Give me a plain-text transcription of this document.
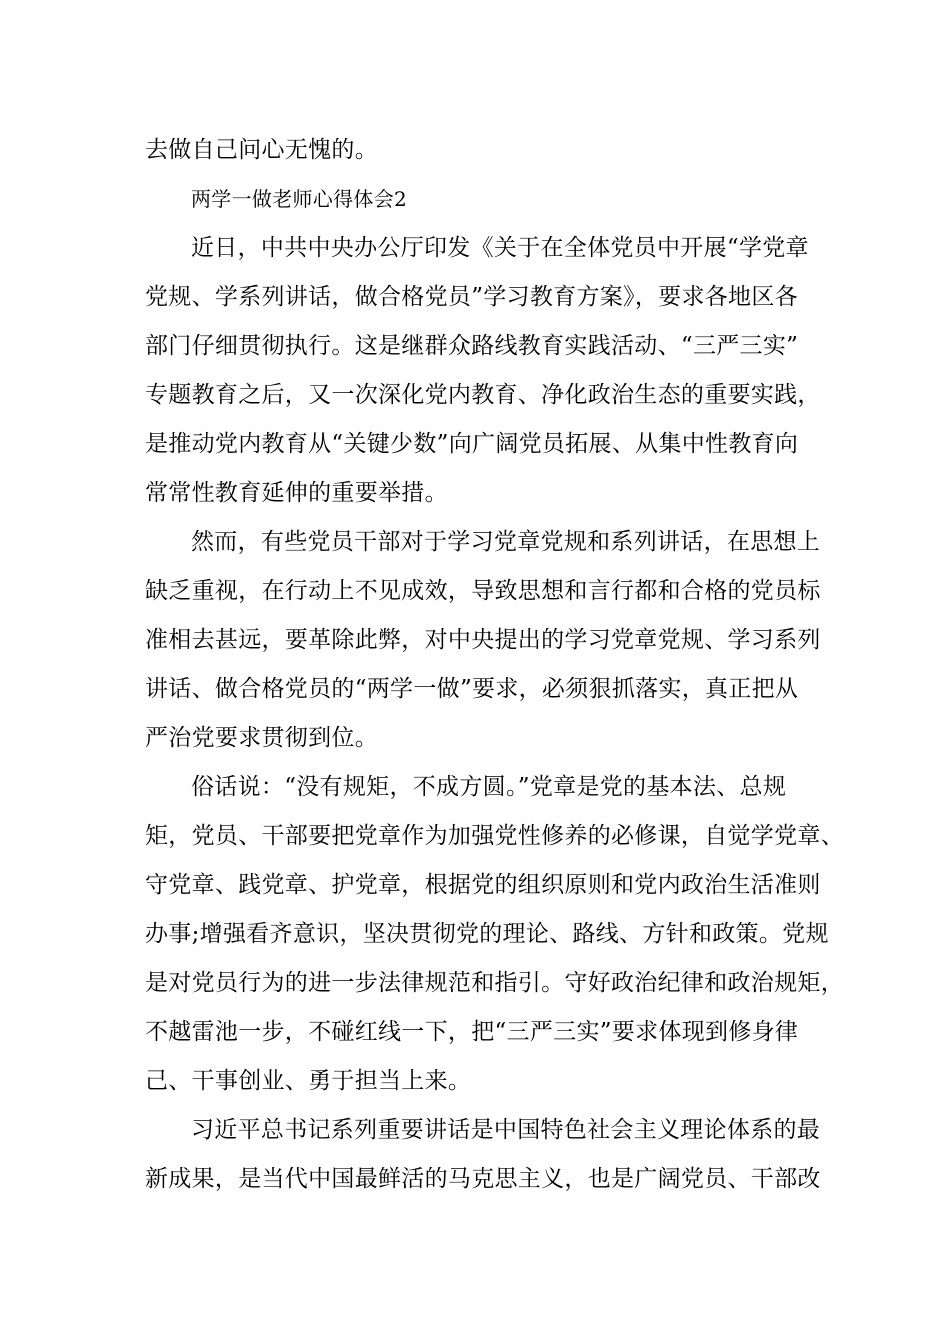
去做自己问心无愧的。
两学一做老师心得体会2
近日，中共中央办公厅印发《关于在全体党员中开展“学党章
党规、学系列讲话，做合格党员”学习教育方案》，要求各地区各
部门仔细贯彻执行。这是继群众路线教育实践活动、“三严三实”
专题教育之后，又一次深化党内教育、净化政治生态的重要实践，
是推动党内教育从“关键少数”向广阔党员拓展、从集中性教育向
常常性教育延伸的重要举措。
然而，有些党员干部对于学习党章党规和系列讲话，在思想上
缺乏重视，在行动上不见成效，导致思想和言行都和合格的党员标
准相去甚远，要革除此弊，对中央提出的学习党章党规、学习系列
讲话、做合格党员的“两学一做”要求，必须狠抓落实，真正把从
严治党要求贯彻到位。
俗话说：“没有规矩，不成方圆。”党章是党的基本法、总规
矩，党员、干部要把党章作为加强党性修养的必修课，自觉学党章、
守党章、践党章、护党章，根据党的组织原则和党内政治生活准则
办事;增强看齐意识，坚决贯彻党的理论、路线、方针和政策。党规
是对党员行为的进一步法律规范和指引。守好政治纪律和政治规矩，
不越雷池一步，不碰红线一下，把“三严三实”要求体现到修身律
己、干事创业、勇于担当上来。
习近平总书记系列重要讲话是中国特色社会主义理论体系的最
新成果，是当代中国最鲜活的马克思主义，也是广阔党员、干部改
